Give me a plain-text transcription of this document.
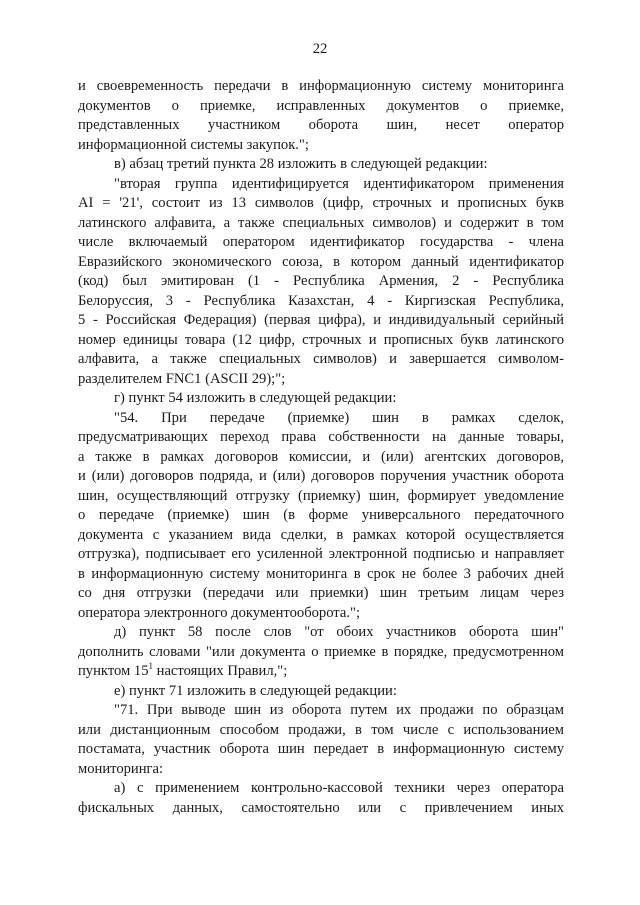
22
и своевременность передачи в информационную систему мониторинга
документов о приемке, исправленных документов о приемке,
представленных участником оборота шин, несет оператор
информационной системы закупок.";
в) абзац третий пункта 28 изложить в следующей редакции:
"вторая группа идентифицируется идентификатором применения
AI = '21', состоит из 13 символов (цифр, строчных и прописных букв
латинского алфавита, а также специальных символов) и содержит в том
числе включаемый оператором идентификатор государства - члена
Евразийского экономического союза, в котором данный идентификатор
(код) был эмитирован (1 - Республика Армения, 2 - Республика
Белоруссия, 3 - Республика Казахстан, 4 - Киргизская Республика,
5 - Российская Федерация) (первая цифра), и индивидуальный серийный
номер единицы товара (12 цифр, строчных и прописных букв латинского
алфавита, а также специальных символов) и завершается символом-
разделителем FNC1 (ASCII 29);";
г) пункт 54 изложить в следующей редакции:
"54. При передаче (приемке) шин в рамках сделок,
предусматривающих переход права собственности на данные товары,
а также в рамках договоров комиссии, и (или) агентских договоров,
и (или) договоров подряда, и (или) договоров поручения участник оборота
шин, осуществляющий отгрузку (приемку) шин, формирует уведомление
о передаче (приемке) шин (в форме универсального передаточного
документа с указанием вида сделки, в рамках которой осуществляется
отгрузка), подписывает его усиленной электронной подписью и направляет
в информационную систему мониторинга в срок не более 3 рабочих дней
со дня отгрузки (передачи или приемки) шин третьим лицам через
оператора электронного документооборота.";
д) пункт 58 после слов "от обоих участников оборота шин"
дополнить словами "или документа о приемке в порядке, предусмотренном
пунктом $15^1$ настоящих Правил,";
е) пункт 71 изложить в следующей редакции:
"71. При выводе шин из оборота путем их продажи по образцам
или дистанционным способом продажи, в том числе с использованием
постамата, участник оборота шин передает в информационную систему
мониторинга:
а) с применением контрольно-кассовой техники через оператора
фискальных данных, самостоятельно или с привлечением иных
